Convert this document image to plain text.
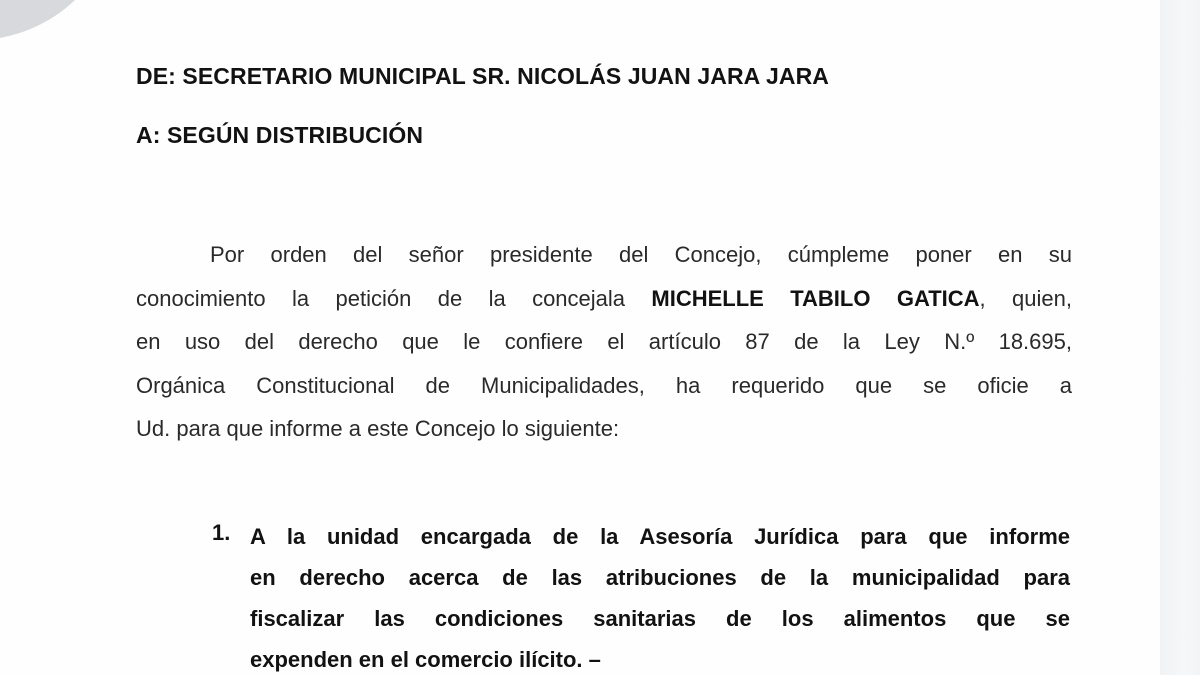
DE: SECRETARIO MUNICIPAL SR. NICOLÁS JUAN JARA JARA
A: SEGÚN DISTRIBUCIÓN
Por orden del señor presidente del Concejo, cúmpleme poner en su
conocimiento la petición de la concejala MICHELLE TABILO GATICA, quien,
en uso del derecho que le confiere el artículo 87 de la Ley N.º 18.695,
Orgánica Constitucional de Municipalidades, ha requerido que se oficie a
Ud. para que informe a este Concejo lo siguiente:
1. A la unidad encargada de la Asesoría Jurídica para que informe
en derecho acerca de las atribuciones de la municipalidad para
fiscalizar las condiciones sanitarias de los alimentos que se
expenden en el comercio ilícito. –
